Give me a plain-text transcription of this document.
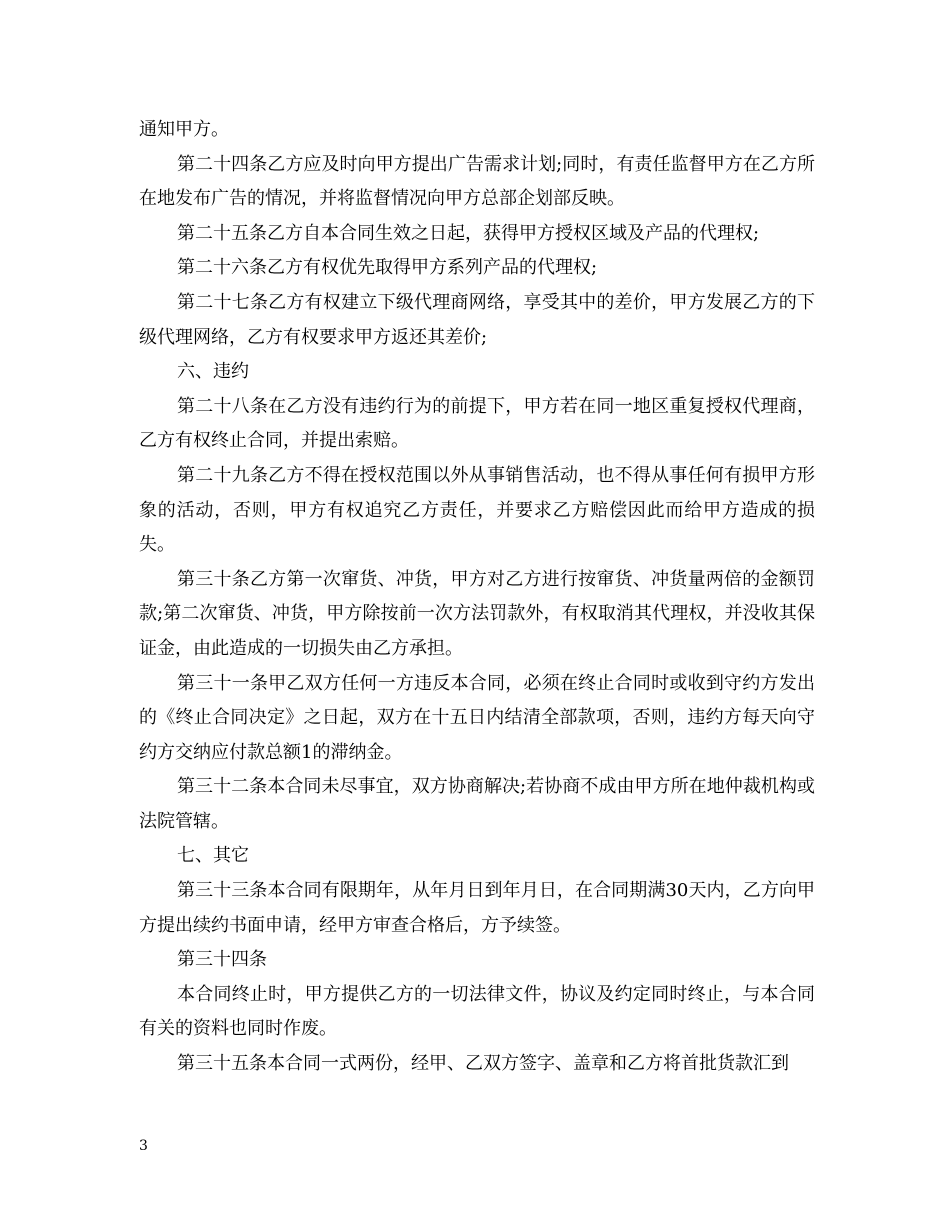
通知甲方。

第二十四条乙方应及时向甲方提出广告需求计划;同时，有责任监督甲方在乙方所在地发布广告的情况，并将监督情况向甲方总部企划部反映。

第二十五条乙方自本合同生效之日起，获得甲方授权区域及产品的代理权;

第二十六条乙方有权优先取得甲方系列产品的代理权;

第二十七条乙方有权建立下级代理商网络，享受其中的差价，甲方发展乙方的下级代理网络，乙方有权要求甲方返还其差价;

六、违约

第二十八条在乙方没有违约行为的前提下，甲方若在同一地区重复授权代理商，乙方有权终止合同，并提出索赔。

第二十九条乙方不得在授权范围以外从事销售活动，也不得从事任何有损甲方形象的活动，否则，甲方有权追究乙方责任，并要求乙方赔偿因此而给甲方造成的损失。

第三十条乙方第一次窜货、冲货，甲方对乙方进行按窜货、冲货量两倍的金额罚款;第二次窜货、冲货，甲方除按前一次方法罚款外，有权取消其代理权，并没收其保证金，由此造成的一切损失由乙方承担。

第三十一条甲乙双方任何一方违反本合同，必须在终止合同时或收到守约方发出的《终止合同决定》之日起，双方在十五日内结清全部款项，否则，违约方每天向守约方交纳应付款总额1的滞纳金。

第三十二条本合同未尽事宜，双方协商解决;若协商不成由甲方所在地仲裁机构或法院管辖。

七、其它

第三十三条本合同有限期年，从年月日到年月日，在合同期满30天内，乙方向甲方提出续约书面申请，经甲方审查合格后，方予续签。

第三十四条

本合同终止时，甲方提供乙方的一切法律文件，协议及约定同时终止，与本合同有关的资料也同时作废。

第三十五条本合同一式两份，经甲、乙双方签字、盖章和乙方将首批货款汇到

3
